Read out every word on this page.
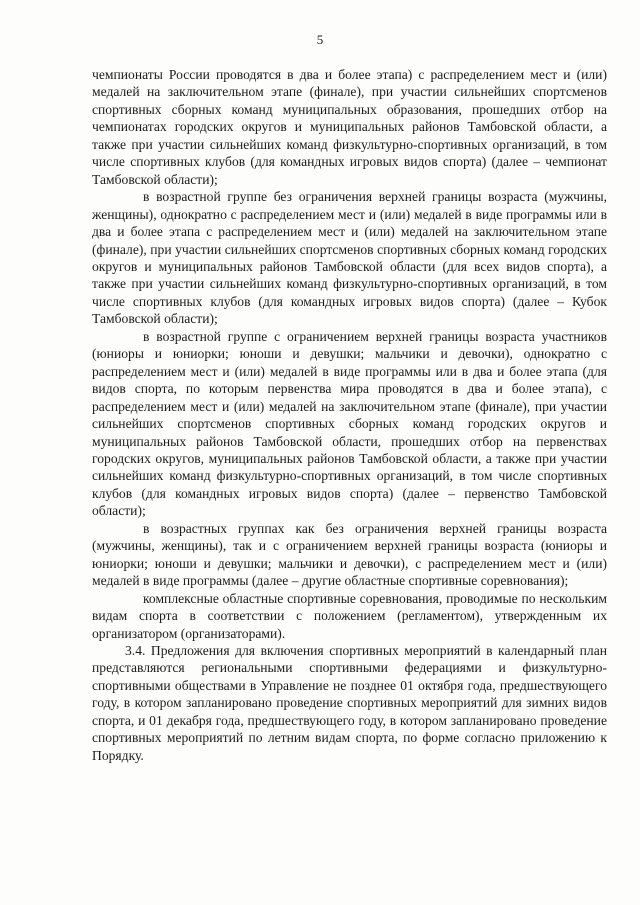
5

чемпионаты России проводятся в два и более этапа) с распределением мест и (или) медалей на заключительном этапе (финале), при участии сильнейших спортсменов спортивных сборных команд муниципальных образования, прошедших отбор на чемпионатах городских округов и муниципальных районов Тамбовской области, а также при участии сильнейших команд физкультурно-спортивных организаций, в том числе спортивных клубов (для командных игровых видов спорта) (далее – чемпионат Тамбовской области);

в возрастной группе без ограничения верхней границы возраста (мужчины, женщины), однократно с распределением мест и (или) медалей в виде программы или в два и более этапа с распределением мест и (или) медалей на заключительном этапе (финале), при участии сильнейших спортсменов спортивных сборных команд городских округов и муниципальных районов Тамбовской области (для всех видов спорта), а также при участии сильнейших команд физкультурно-спортивных организаций, в том числе спортивных клубов (для командных игровых видов спорта) (далее – Кубок Тамбовской области);

в возрастной группе с ограничением верхней границы возраста участников (юниоры и юниорки; юноши и девушки; мальчики и девочки), однократно с распределением мест и (или) медалей в виде программы или в два и более этапа (для видов спорта, по которым первенства мира проводятся в два и более этапа), с распределением мест и (или) медалей на заключительном этапе (финале), при участии сильнейших спортсменов спортивных сборных команд городских округов и муниципальных районов Тамбовской области, прошедших отбор на первенствах городских округов, муниципальных районов Тамбовской области, а также при участии сильнейших команд физкультурно-спортивных организаций, в том числе спортивных клубов (для командных игровых видов спорта) (далее – первенство Тамбовской области);

в возрастных группах как без ограничения верхней границы возраста (мужчины, женщины), так и с ограничением верхней границы возраста (юниоры и юниорки; юноши и девушки; мальчики и девочки), с распределением мест и (или) медалей в виде программы (далее – другие областные спортивные соревнования);

комплексные областные спортивные соревнования, проводимые по нескольким видам спорта в соответствии с положением (регламентом), утвержденным их организатором (организаторами).

3.4. Предложения для включения спортивных мероприятий в календарный план представляются региональными спортивными федерациями и физкультурно-спортивными обществами в Управление не позднее 01 октября года, предшествующего году, в котором запланировано проведение спортивных мероприятий для зимних видов спорта, и 01 декабря года, предшествующего году, в котором запланировано проведение спортивных мероприятий по летним видам спорта, по форме согласно приложению к Порядку.
